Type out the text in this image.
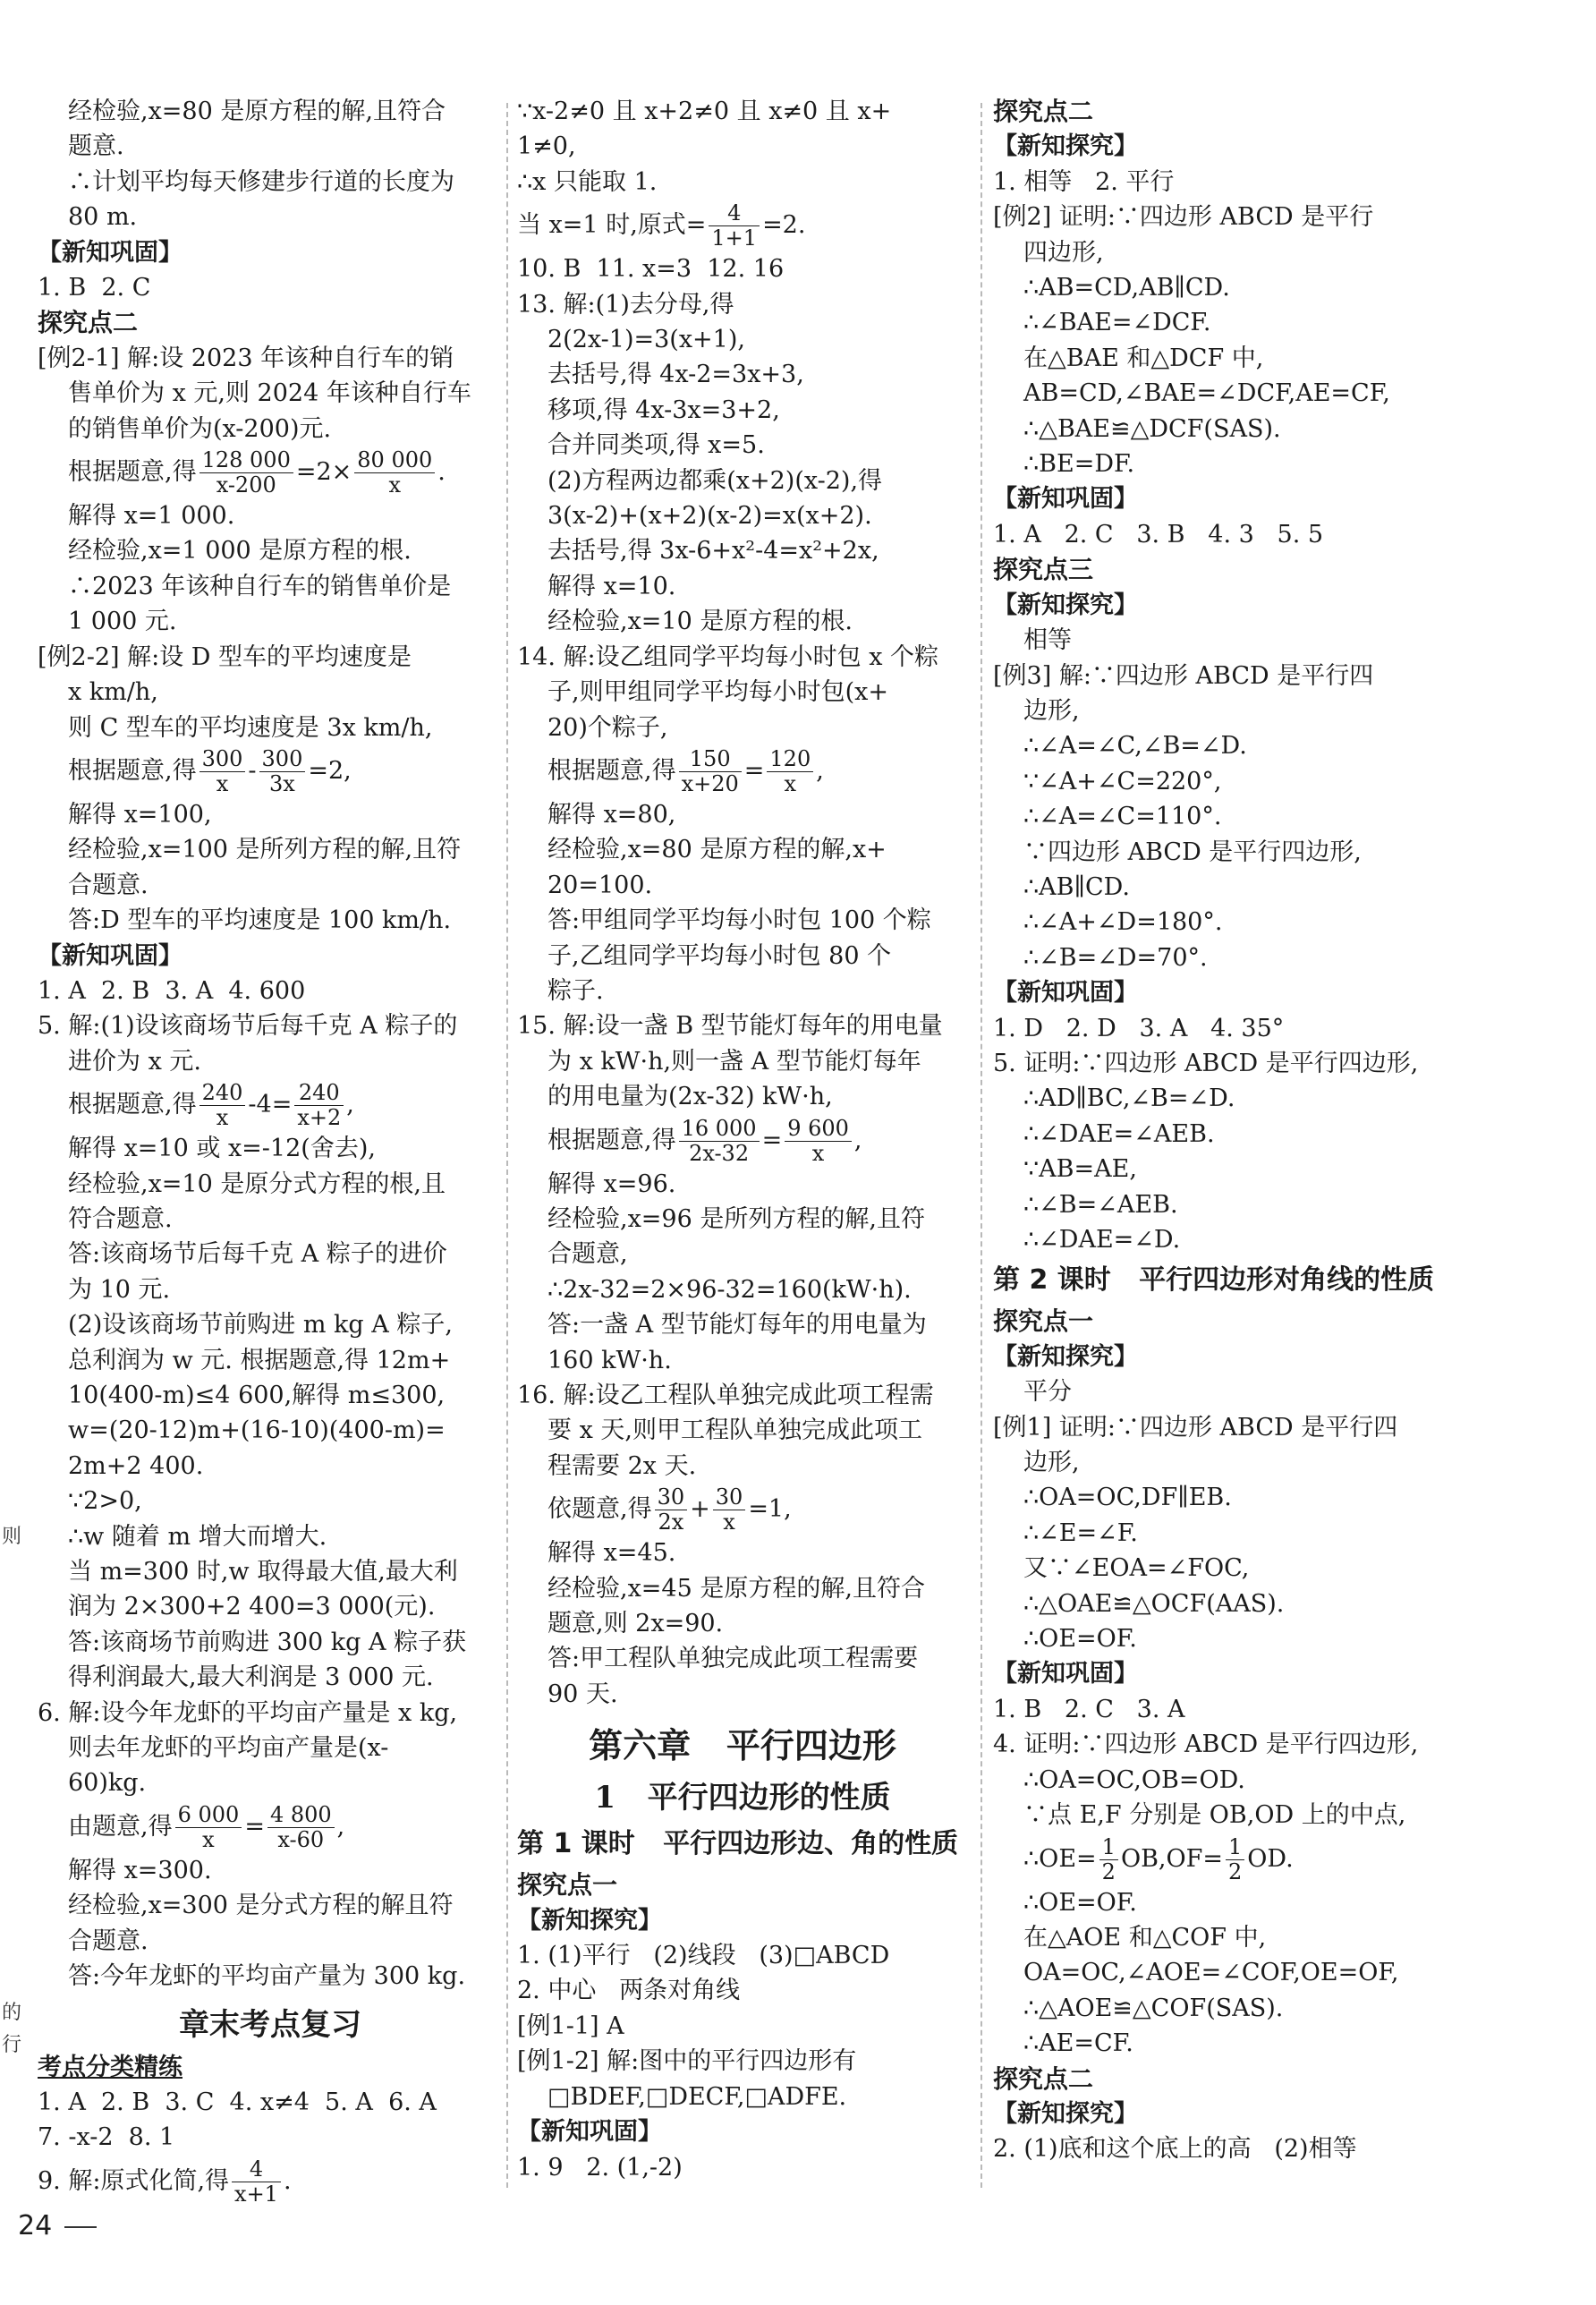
则
的
行
经检验,x=80 是原方程的解,且符合
题意.
∴计划平均每天修建步行道的长度为
80 m.
【新知巩固】
1. B  2. C
探究点二
[例2-1] 解:设 2023 年该种自行车的销
售单价为 x 元,则 2024 年该种自行车
的销售单价为(x-200)元.
根据题意,得 $\frac{128 000}{x-200} =2\times \frac{80 000}{x}$ .
解得 x=1 000.
经检验,x=1 000 是原方程的根.
∴2023 年该种自行车的销售单价是
1 000 元.
[例2-2] 解:设 D 型车的平均速度是
x km/h,
则 C 型车的平均速度是 3x km/h,
根据题意,得 $\frac{300}{x} - \frac{300}{3x} =2$,
解得 x=100,
经检验,x=100 是所列方程的解,且符
合题意.
答:D 型车的平均速度是 100 km/h.
【新知巩固】
1. A  2. B  3. A  4. 600
5. 解:(1)设该商场节后每千克 A 粽子的
进价为 x 元.
根据题意,得 $\frac{240}{x} -4= \frac{240}{x+2}$ ,
解得 x=10 或 x=-12(舍去),
经检验,x=10 是原分式方程的根,且
符合题意.
答:该商场节后每千克 A 粽子的进价
为 10 元.
(2)设该商场节前购进 m kg A 粽子,
总利润为 w 元. 根据题意,得 12m+
10(400-m)≤4 600,解得 m≤300,
w=(20-12)m+(16-10)(400-m)=
2m+2 400.
∵2>0,
∴w 随着 m 增大而增大.
当 m=300 时,w 取得最大值,最大利
润为 2×300+2 400=3 000(元).
答:该商场节前购进 300 kg A 粽子获
得利润最大,最大利润是 3 000 元.
6. 解:设今年龙虾的平均亩产量是 x kg,
则去年龙虾的平均亩产量是(x-
60)kg.
由题意,得 $\frac{6 000}{x} = \frac{4 800}{x-60}$ ,
解得 x=300.
经检验,x=300 是分式方程的解且符
合题意.
答:今年龙虾的平均亩产量为 300 kg.
章末考点复习
考点分类精练
1. A  2. B  3. C  4. x≠4  5. A  6. A
7. -x-2  8. 1
9. 解:原式化简,得 $\frac{4}{x+1}$ .
∵x-2≠0 且 x+2≠0 且 x≠0 且 x+
1≠0,
∴x 只能取 1.
当 x=1 时,原式= $\frac{4}{1+1} =2$.
10. B  11. x=3  12. 16
13. 解:(1)去分母,得
2(2x-1)=3(x+1),
去括号,得 4x-2=3x+3,
移项,得 4x-3x=3+2,
合并同类项,得 x=5.
(2)方程两边都乘(x+2)(x-2),得
3(x-2)+(x+2)(x-2)=x(x+2).
去括号,得 3x-6+x²-4=x²+2x,
解得 x=10.
经检验,x=10 是原方程的根.
14. 解:设乙组同学平均每小时包 x 个粽
子,则甲组同学平均每小时包(x+
20)个粽子,
根据题意,得 $\frac{150}{x+20} = \frac{120}{x}$ ,
解得 x=80,
经检验,x=80 是原方程的解,x+
20=100.
答:甲组同学平均每小时包 100 个粽
子,乙组同学平均每小时包 80 个
粽子.
15. 解:设一盏 B 型节能灯每年的用电量
为 x kW·h,则一盏 A 型节能灯每年
的用电量为(2x-32) kW·h,
根据题意,得 $\frac{16 000}{2x-32} = \frac{9 600}{x}$ ,
解得 x=96.
经检验,x=96 是所列方程的解,且符
合题意,
∴2x-32=2×96-32=160(kW·h).
答:一盏 A 型节能灯每年的用电量为
160 kW·h.
16. 解:设乙工程队单独完成此项工程需
要 x 天,则甲工程队单独完成此项工
程需要 2x 天.
依题意,得 $\frac{30}{2x} + \frac{30}{x} =1$,
解得 x=45.
经检验,x=45 是原方程的解,且符合
题意,则 2x=90.
答:甲工程队单独完成此项工程需要
90 天.
第六章   平行四边形
1   平行四边形的性质
第 1 课时   平行四边形边、角的性质
探究点一
【新知探究】
1. (1)平行   (2)线段   (3)□ABCD
2. 中心   两条对角线
[例1-1] A
[例1-2] 解:图中的平行四边形有
□BDEF,□DECF,□ADFE.
【新知巩固】
1. 9   2. (1,-2)
探究点二
【新知探究】
1. 相等   2. 平行
[例2] 证明:∵四边形 ABCD 是平行
四边形,
∴AB=CD,AB∥CD.
∴∠BAE=∠DCF.
在△BAE 和△DCF 中,
AB=CD,∠BAE=∠DCF,AE=CF,
∴△BAE≌△DCF(SAS).
∴BE=DF.
【新知巩固】
1. A   2. C   3. B   4. 3   5. 5
探究点三
【新知探究】
相等
[例3] 解:∵四边形 ABCD 是平行四
边形,
∴∠A=∠C,∠B=∠D.
∵∠A+∠C=220°,
∴∠A=∠C=110°.
∵四边形 ABCD 是平行四边形,
∴AB∥CD.
∴∠A+∠D=180°.
∴∠B=∠D=70°.
【新知巩固】
1. D   2. D   3. A   4. 35°
5. 证明:∵四边形 ABCD 是平行四边形,
∴AD∥BC,∠B=∠D.
∴∠DAE=∠AEB.
∵AB=AE,
∴∠B=∠AEB.
∴∠DAE=∠D.
第 2 课时   平行四边形对角线的性质
探究点一
【新知探究】
平分
[例1] 证明:∵四边形 ABCD 是平行四
边形,
∴OA=OC,DF∥EB.
∴∠E=∠F.
又∵∠EOA=∠FOC,
∴△OAE≌△OCF(AAS).
∴OE=OF.
【新知巩固】
1. B   2. C   3. A
4. 证明:∵四边形 ABCD 是平行四边形,
∴OA=OC,OB=OD.
∵点 E,F 分别是 OB,OD 上的中点,
∴OE= $\frac{1}{2} OB,OF= \frac{1}{2}$ OD.
∴OE=OF.
在△AOE 和△COF 中,
OA=OC,∠AOE=∠COF,OE=OF,
∴△AOE≌△COF(SAS).
∴AE=CF.
探究点二
【新知探究】
2. (1)底和这个底上的高   (2)相等
24
